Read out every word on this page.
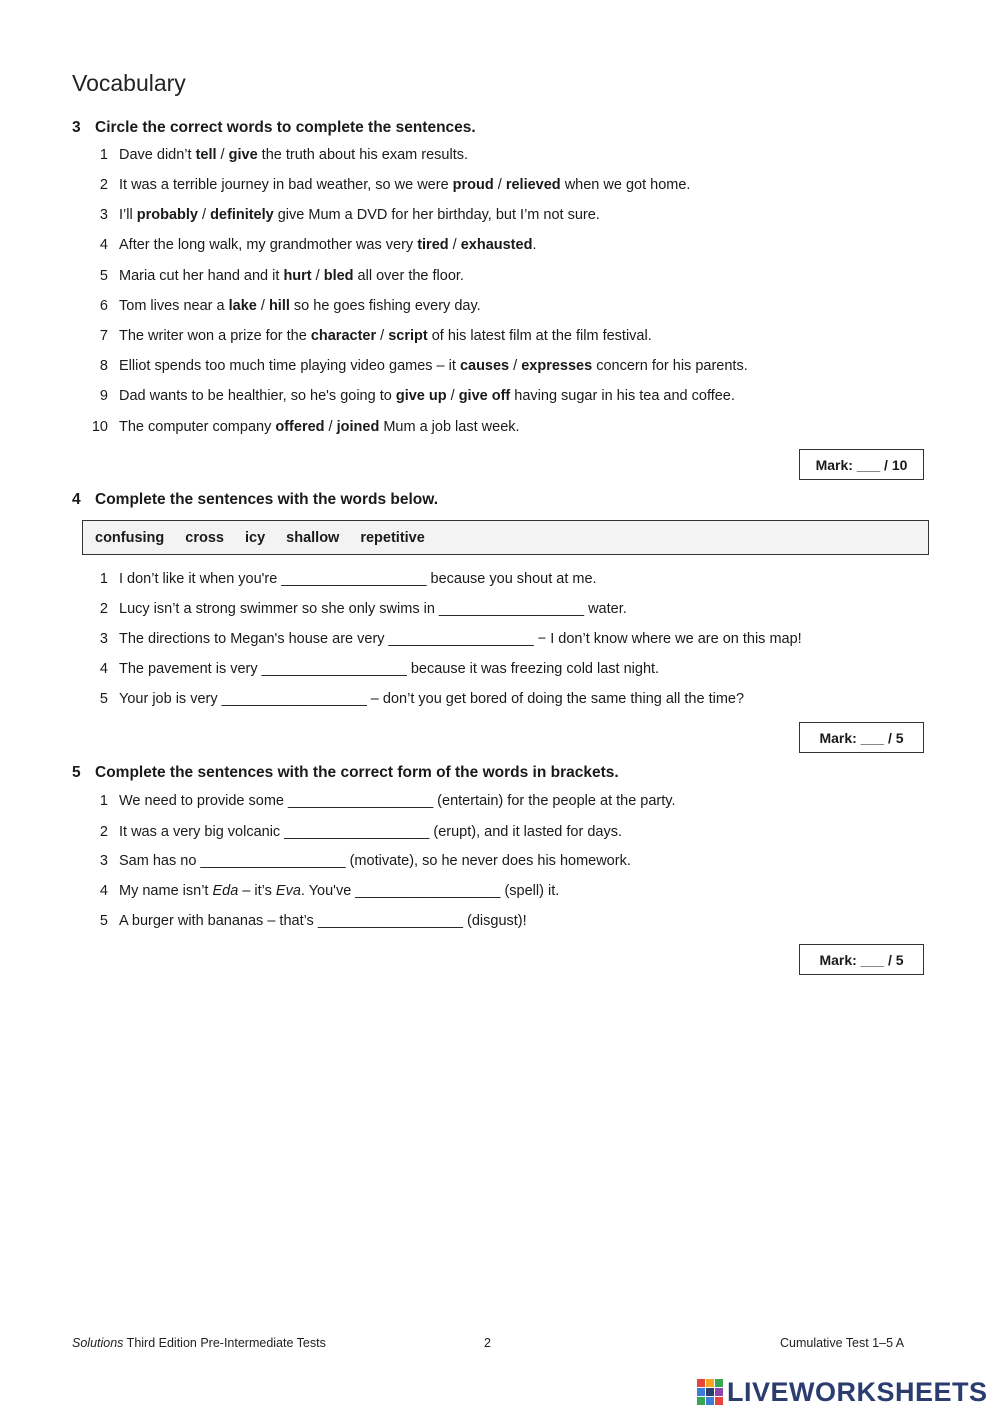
Vocabulary
3 Circle the correct words to complete the sentences.
Mark: ___ / 10
4 Complete the sentences with the words below.
confusing cross icy shallow repetitive
Mark: ___ / 5
5 Complete the sentences with the correct form of the words in brackets.
Mark: ___ / 5
Solutions Third Edition Pre-Intermediate Tests	2	Cumulative Test 1–5 A
LIVEWORKSHEETS
1 Dave didn’t tell / give the truth about his exam results.
2 It was a terrible journey in bad weather, so we were proud / relieved when we got home.
3 I’ll probably / definitely give Mum a DVD for her birthday, but I’m not sure.
4 After the long walk, my grandmother was very tired / exhausted.
5 Maria cut her hand and it hurt / bled all over the floor.
6 Tom lives near a lake / hill so he goes fishing every day.
7 The writer won a prize for the character / script of his latest film at the film festival.
8 Elliot spends too much time playing video games – it causes / expresses concern for his parents.
9 Dad wants to be healthier, so he's going to give up / give off having sugar in his tea and coffee.
10 The computer company offered / joined Mum a job last week.
1 I don’t like it when you're __________________ because you shout at me.
2 Lucy isn’t a strong swimmer so she only swims in __________________ water.
3 The directions to Megan's house are very __________________ − I don’t know where we are on this map!
4 The pavement is very __________________ because it was freezing cold last night.
5 Your job is very __________________ – don’t you get bored of doing the same thing all the time?
1 We need to provide some __________________ (entertain) for the people at the party.
2 It was a very big volcanic __________________ (erupt), and it lasted for days.
3 Sam has no __________________ (motivate), so he never does his homework.
4 My name isn’t Eda – it’s Eva. You've __________________ (spell) it.
5 A burger with bananas – that’s __________________ (disgust)!
